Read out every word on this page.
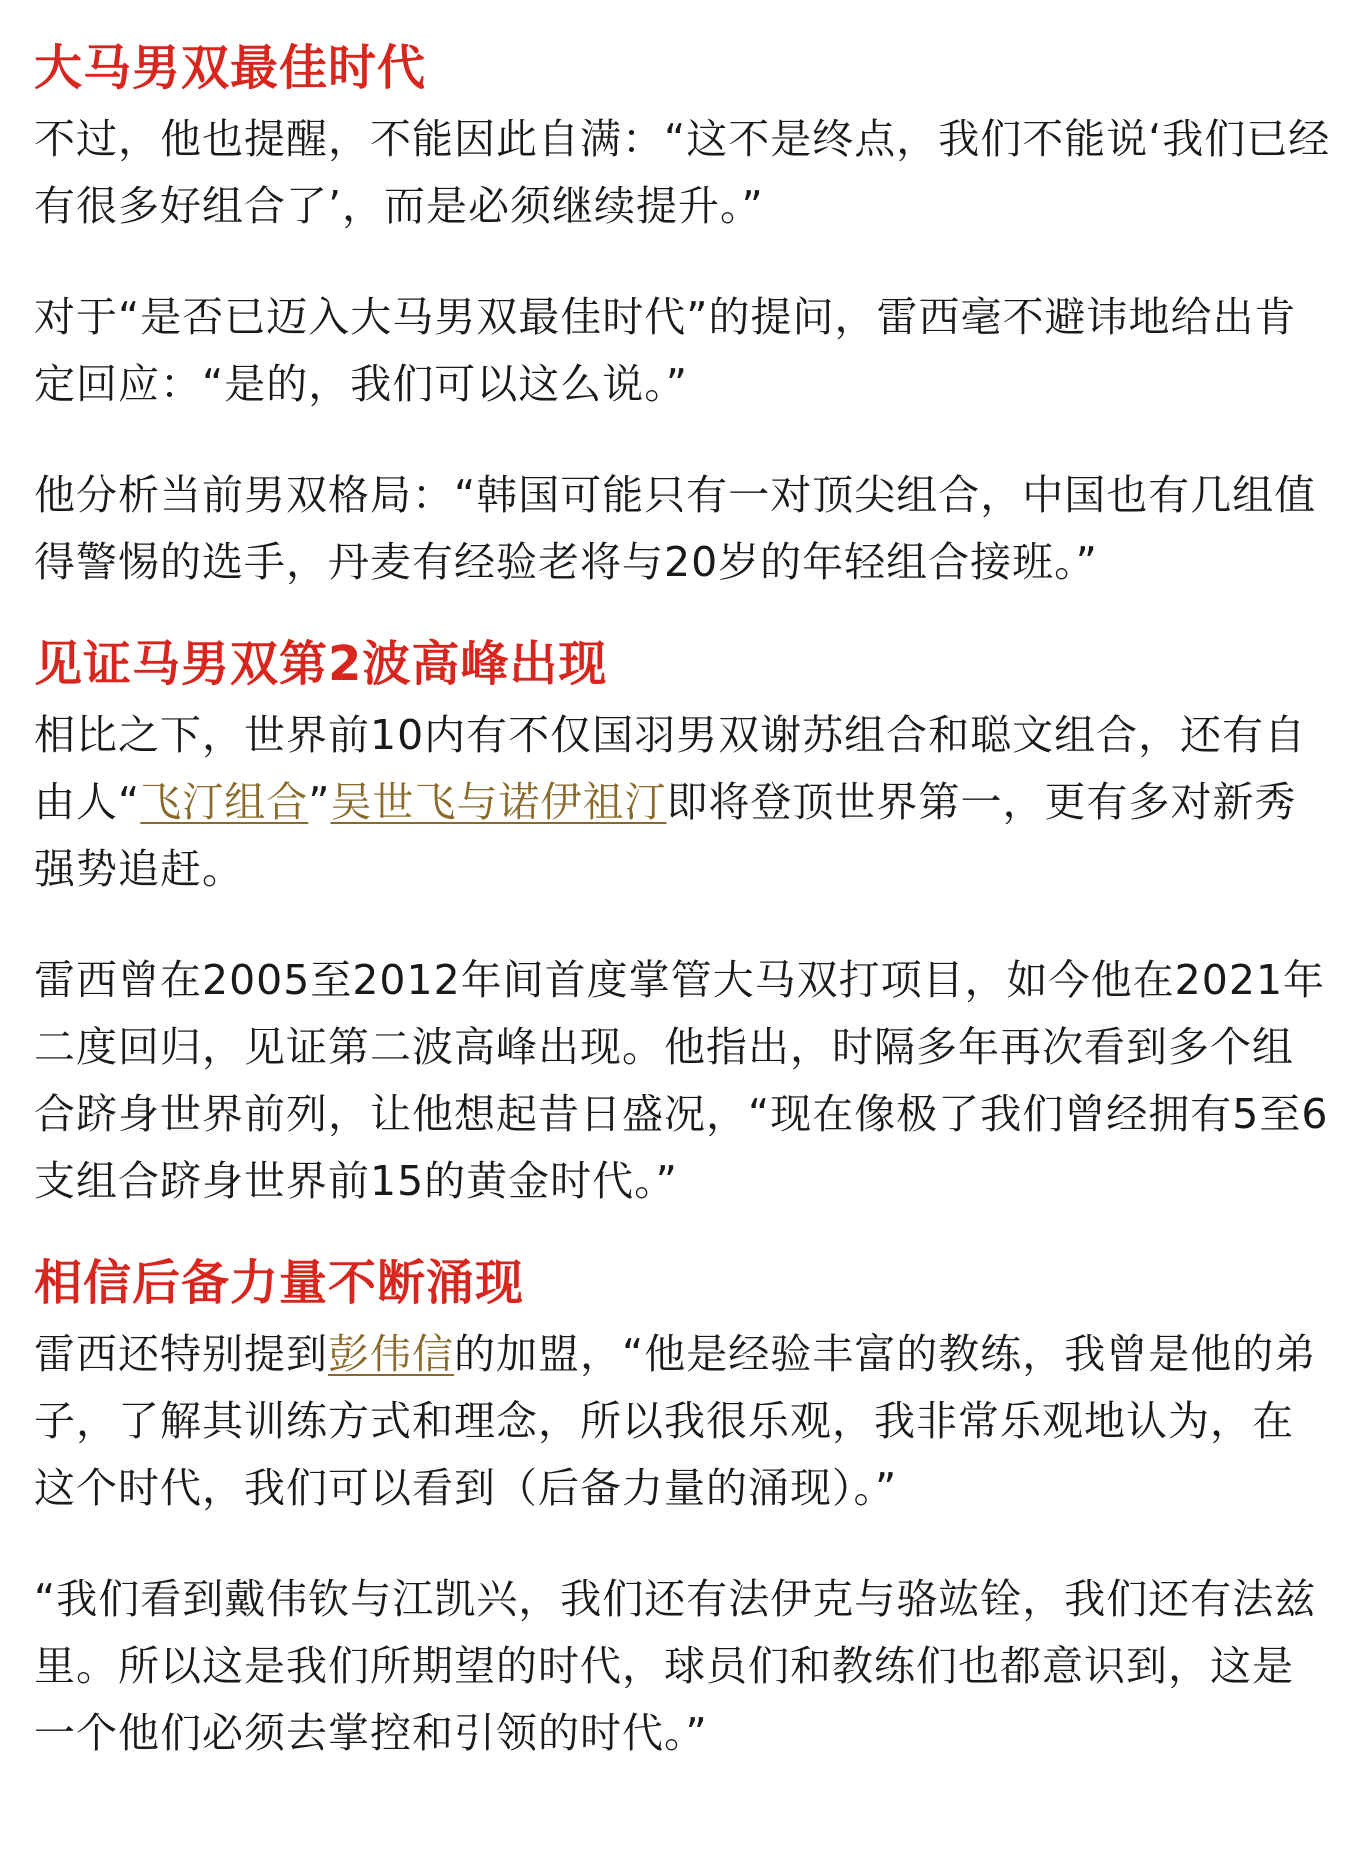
大马男双最佳时代

不过，他也提醒，不能因此自满：“这不是终点，我们不能说‘我们已经有很多好组合了’，而是必须继续提升。”

对于“是否已迈入大马男双最佳时代”的提问，雷西毫不避讳地给出肯定回应：“是的，我们可以这么说。”

他分析当前男双格局：“韩国可能只有一对顶尖组合，中国也有几组值得警惕的选手，丹麦有经验老将与20岁的年轻组合接班。”

见证马男双第2波高峰出现

相比之下，世界前10内有不仅国羽男双谢苏组合和聪文组合，还有自由人“飞汀组合”吴世飞与诺伊祖汀即将登顶世界第一，更有多对新秀强势追赶。

雷西曾在2005至2012年间首度掌管大马双打项目，如今他在2021年二度回归，见证第二波高峰出现。他指出，时隔多年再次看到多个组合跻身世界前列，让他想起昔日盛况，“现在像极了我们曾经拥有5至6支组合跻身世界前15的黄金时代。”

相信后备力量不断涌现

雷西还特别提到彭伟信的加盟，“他是经验丰富的教练，我曾是他的弟子，了解其训练方式和理念，所以我很乐观，我非常乐观地认为，在这个时代，我们可以看到（后备力量的涌现）。”

“我们看到戴伟钦与江凯兴，我们还有法伊克与骆竑铨，我们还有法兹里。所以这是我们所期望的时代，球员们和教练们也都意识到，这是一个他们必须去掌控和引领的时代。”
